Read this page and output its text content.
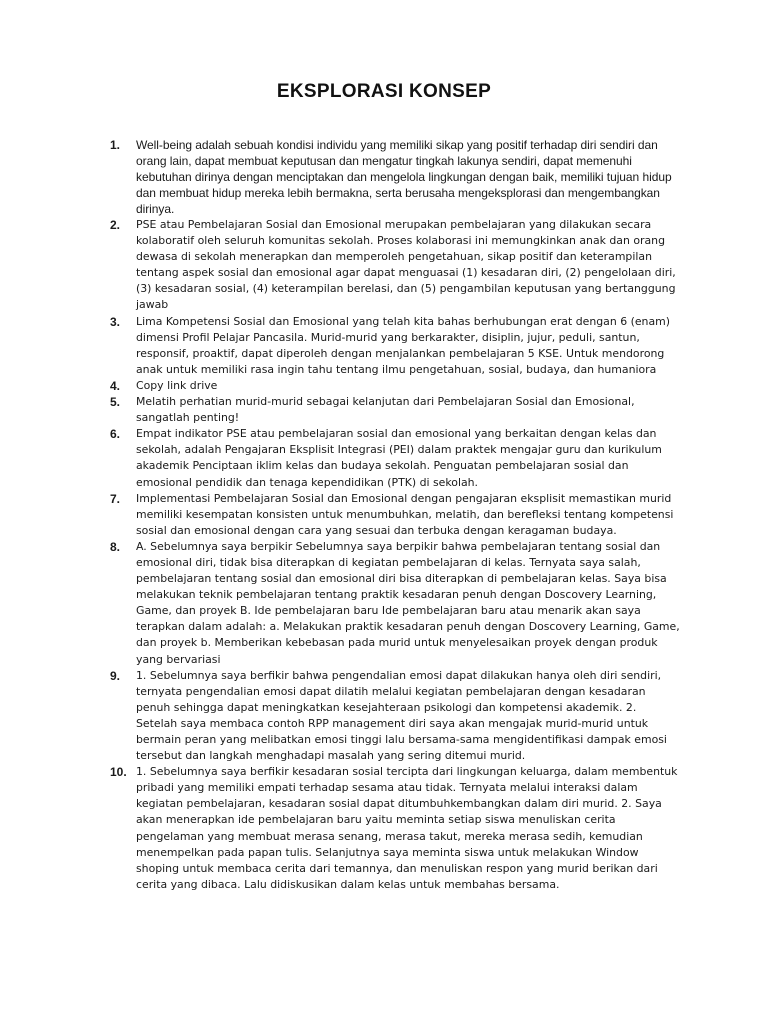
EKSPLORASI KONSEP
1.	Well-being adalah sebuah kondisi individu yang memiliki sikap yang positif terhadap diri sendiri dan orang lain, dapat membuat keputusan dan mengatur tingkah lakunya sendiri, dapat memenuhi kebutuhan dirinya dengan menciptakan dan mengelola lingkungan dengan baik, memiliki tujuan hidup dan membuat hidup mereka lebih bermakna, serta berusaha mengeksplorasi dan mengembangkan dirinya.
2.	PSE atau Pembelajaran Sosial dan Emosional merupakan pembelajaran yang dilakukan secara kolaboratif oleh seluruh komunitas sekolah. Proses kolaborasi ini memungkinkan anak dan orang dewasa di sekolah menerapkan dan memperoleh pengetahuan, sikap positif dan keterampilan tentang aspek sosial dan emosional agar dapat menguasai (1) kesadaran diri, (2) pengelolaan diri, (3) kesadaran sosial, (4) keterampilan berelasi, dan (5) pengambilan keputusan yang bertanggung jawab
3.	Lima Kompetensi Sosial dan Emosional yang telah kita bahas berhubungan erat dengan 6 (enam) dimensi Profil Pelajar Pancasila. Murid-murid yang berkarakter, disiplin, jujur, peduli, santun, responsif, proaktif, dapat diperoleh dengan menjalankan pembelajaran 5 KSE. Untuk mendorong anak untuk memiliki rasa ingin tahu tentang ilmu pengetahuan, sosial, budaya, dan humaniora
4.	Copy link drive
5.	Melatih perhatian murid-murid sebagai kelanjutan dari Pembelajaran Sosial dan Emosional, sangatlah penting!
6.	Empat indikator PSE atau pembelajaran sosial dan emosional yang berkaitan dengan kelas dan sekolah, adalah Pengajaran Eksplisit Integrasi (PEI) dalam praktek mengajar guru dan kurikulum akademik Penciptaan iklim kelas dan budaya sekolah. Penguatan pembelajaran sosial dan emosional pendidik dan tenaga kependidikan (PTK) di sekolah.
7.	Implementasi Pembelajaran Sosial dan Emosional dengan pengajaran eksplisit memastikan murid memiliki kesempatan konsisten untuk menumbuhkan, melatih, dan berefleksi tentang kompetensi sosial dan emosional dengan cara yang sesuai dan terbuka dengan keragaman budaya.
8.	A. Sebelumnya saya berpikir Sebelumnya saya berpikir bahwa pembelajaran tentang sosial dan emosional diri, tidak bisa diterapkan di kegiatan pembelajaran di kelas. Ternyata saya salah, pembelajaran tentang sosial dan emosional diri bisa diterapkan di pembelajaran kelas. Saya bisa melakukan teknik pembelajaran tentang praktik kesadaran penuh dengan Doscovery Learning, Game, dan proyek B. Ide pembelajaran baru Ide pembelajaran baru atau menarik akan saya terapkan dalam adalah: a. Melakukan praktik kesadaran penuh dengan Doscovery Learning, Game, dan proyek b. Memberikan kebebasan pada murid untuk menyelesaikan proyek dengan produk yang bervariasi
9.	1. Sebelumnya saya berfikir bahwa pengendalian emosi dapat dilakukan hanya oleh diri sendiri, ternyata pengendalian emosi dapat dilatih melalui kegiatan pembelajaran dengan kesadaran penuh sehingga dapat meningkatkan kesejahteraan psikologi dan kompetensi akademik. 2. Setelah saya membaca contoh RPP management diri saya akan mengajak murid-murid untuk bermain peran yang melibatkan emosi tinggi lalu bersama-sama mengidentifikasi dampak emosi tersebut dan langkah menghadapi masalah yang sering ditemui murid.
10. 1. Sebelumnya saya berfikir kesadaran sosial tercipta dari lingkungan keluarga, dalam membentuk pribadi yang memiliki empati terhadap sesama atau tidak. Ternyata melalui interaksi dalam kegiatan pembelajaran, kesadaran sosial dapat ditumbuhkembangkan dalam diri murid. 2. Saya akan menerapkan ide pembelajaran baru yaitu meminta setiap siswa menuliskan cerita pengelaman yang membuat merasa senang, merasa takut, mereka merasa sedih, kemudian menempelkan pada papan tulis. Selanjutnya saya meminta siswa untuk melakukan Window shoping untuk membaca cerita dari temannya, dan menuliskan respon yang murid berikan dari cerita yang dibaca. Lalu didiskusikan dalam kelas untuk membahas bersama.
